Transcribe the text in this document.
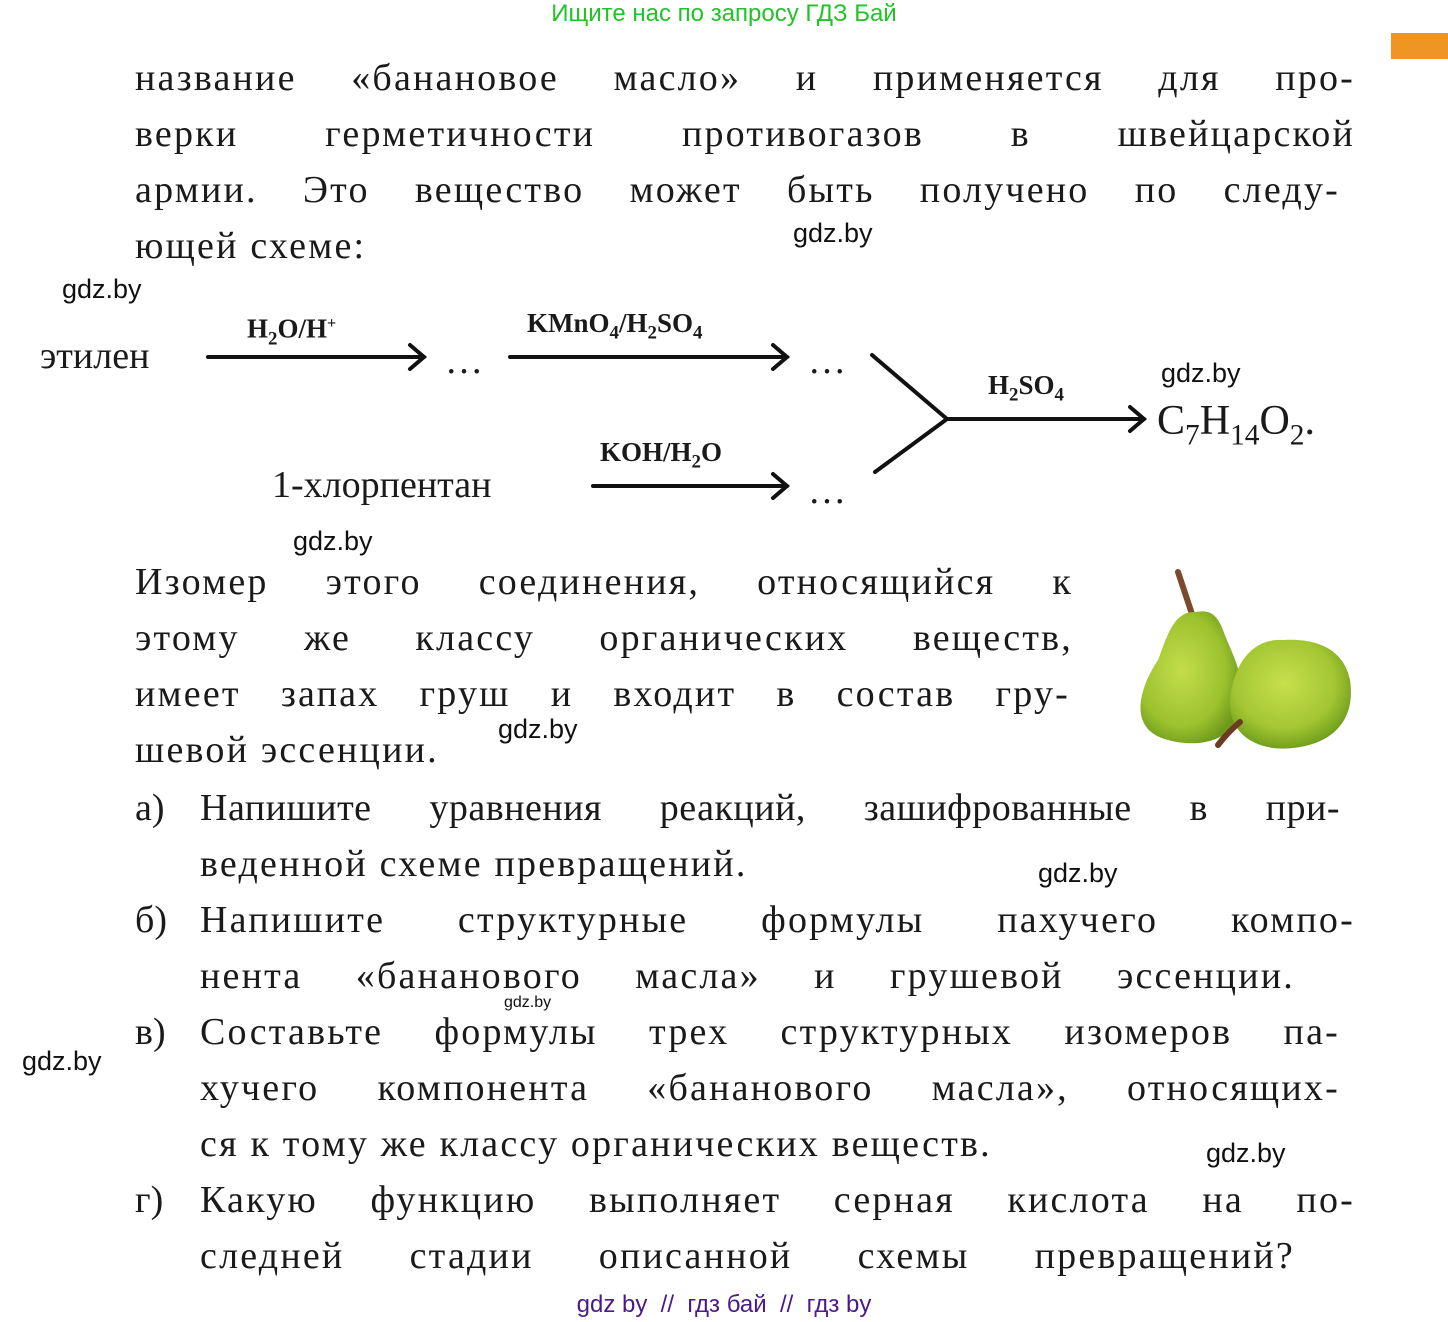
Ищите нас по запросу ГДЗ Бай
название «банановое масло» и применяется для про-
верки герметичности противогазов в швейцарской
армии. Это вещество может быть получено по следу-
ющей схеме:
этилен
$H_2O/H^+$
…
$KMnO_4/H_2SO_4$
…
1-хлорпентан
KOH/$H_2O$
…
$H_2SO_4$
$C_7H_{14}O_2$.
Изомер этого соединения, относящийся к
этому же классу органических веществ,
имеет запах груш и входит в состав гру-
шевой эссенции.
а) Напишите уравнения реакций, зашифрованные в при-
веденной схеме превращений.
б) Напишите структурные формулы пахучего компо-
нента «бананового масла» и грушевой эссенции.
в) Составьте формулы трех структурных изомеров па-
хучего компонента «бананового масла», относящих-
ся к тому же классу органических веществ.
г) Какую функцию выполняет серная кислота на по-
следней стадии описанной схемы превращений?
gdz.by
gdz.by
gdz.by
gdz.by
gdz.by
gdz.by
gdz.by
gdz.by
gdz.by
gdz by  //  гдз бай  //  гдз by
